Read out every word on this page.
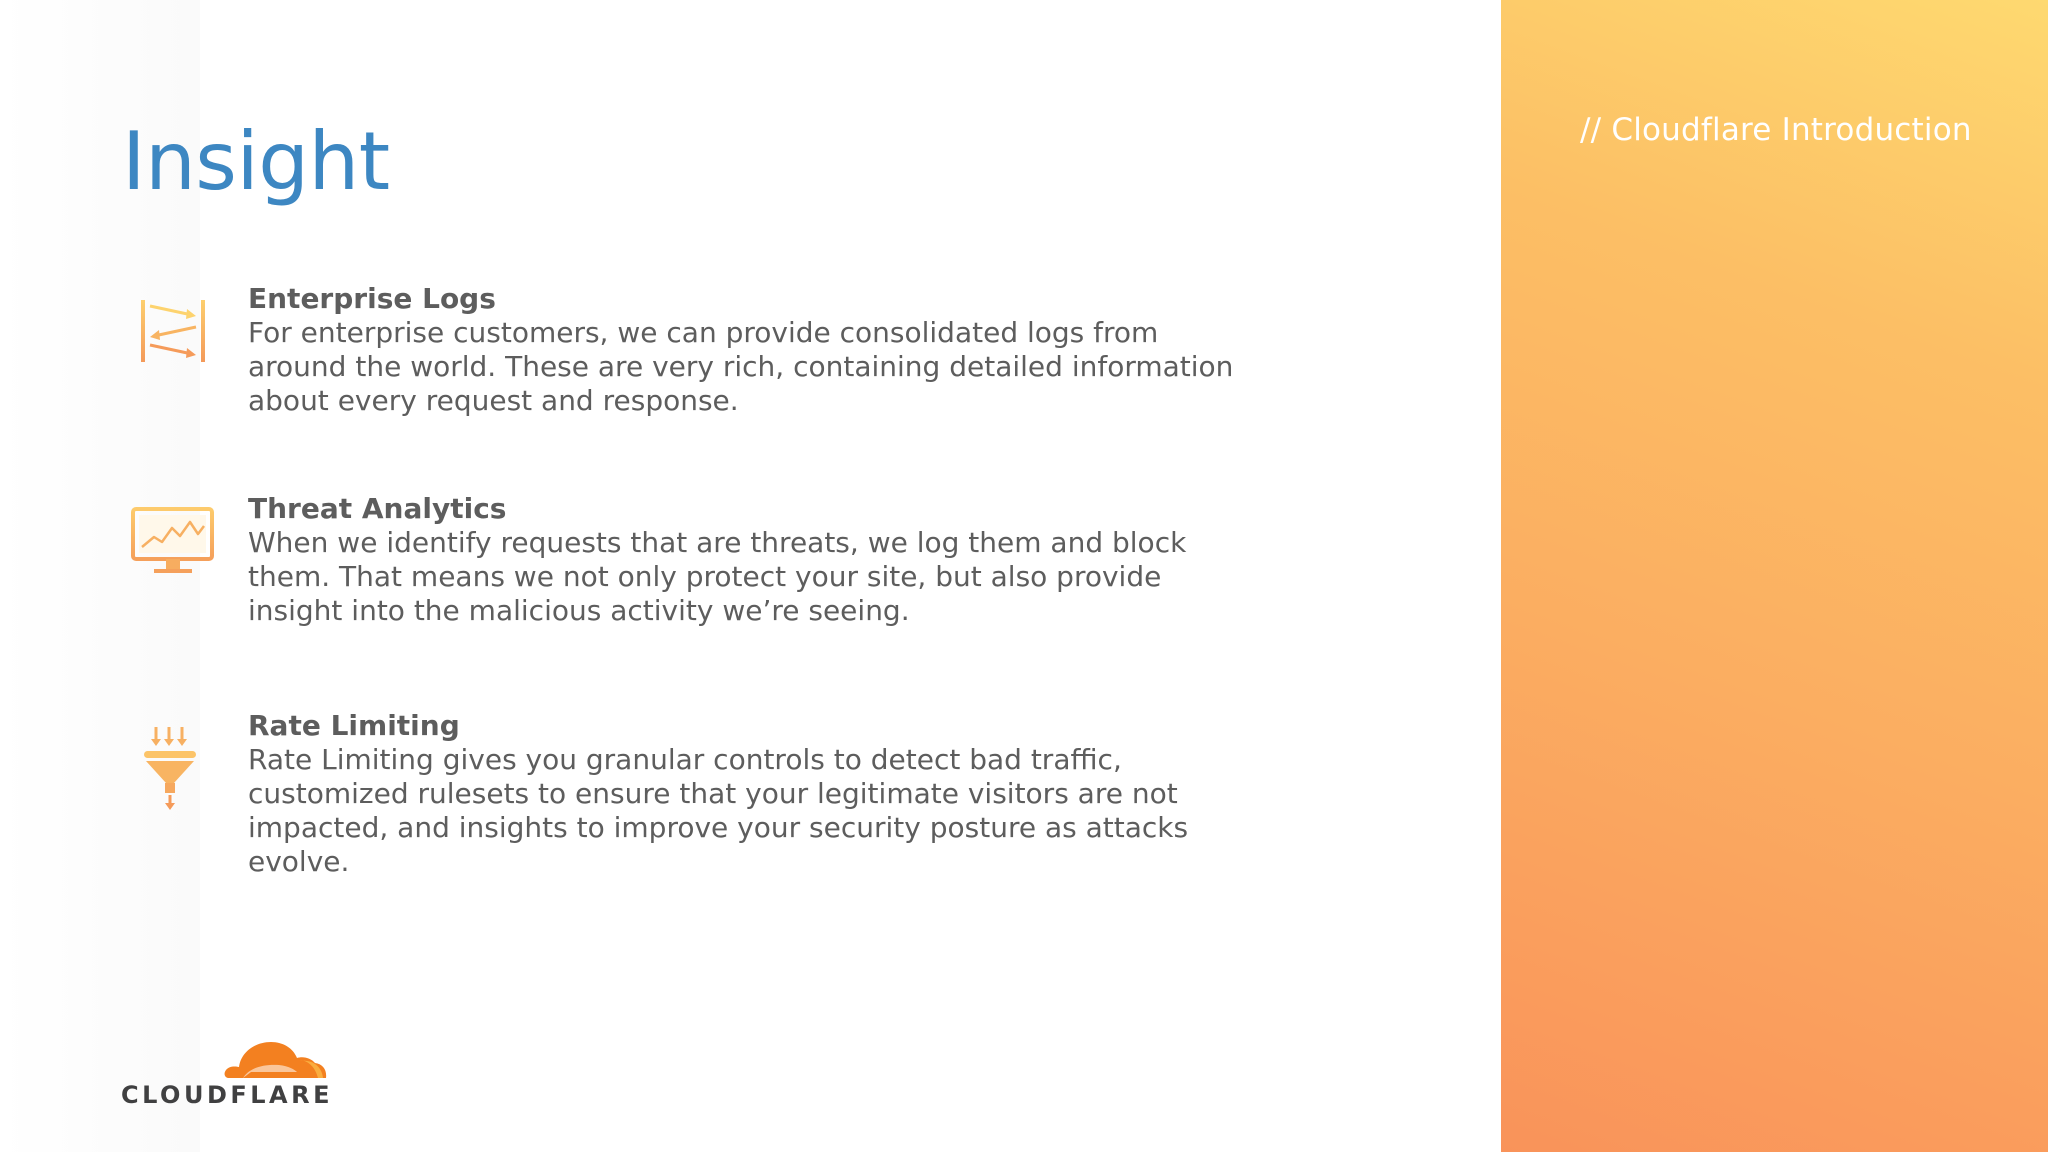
Insight

Enterprise Logs

For enterprise customers, we can provide consolidated logs from around the world. These are very rich, containing detailed information about every request and response.

Threat Analytics

When we identify requests that are threats, we log them and block them. That means we not only protect your site, but also provide insight into the malicious activity we’re seeing.

Rate Limiting

Rate Limiting gives you granular controls to detect bad traffic, customized rulesets to ensure that your legitimate visitors are not impacted, and insights to improve your security posture as attacks evolve.

CLOUDFLARE
// Cloudflare Introduction
